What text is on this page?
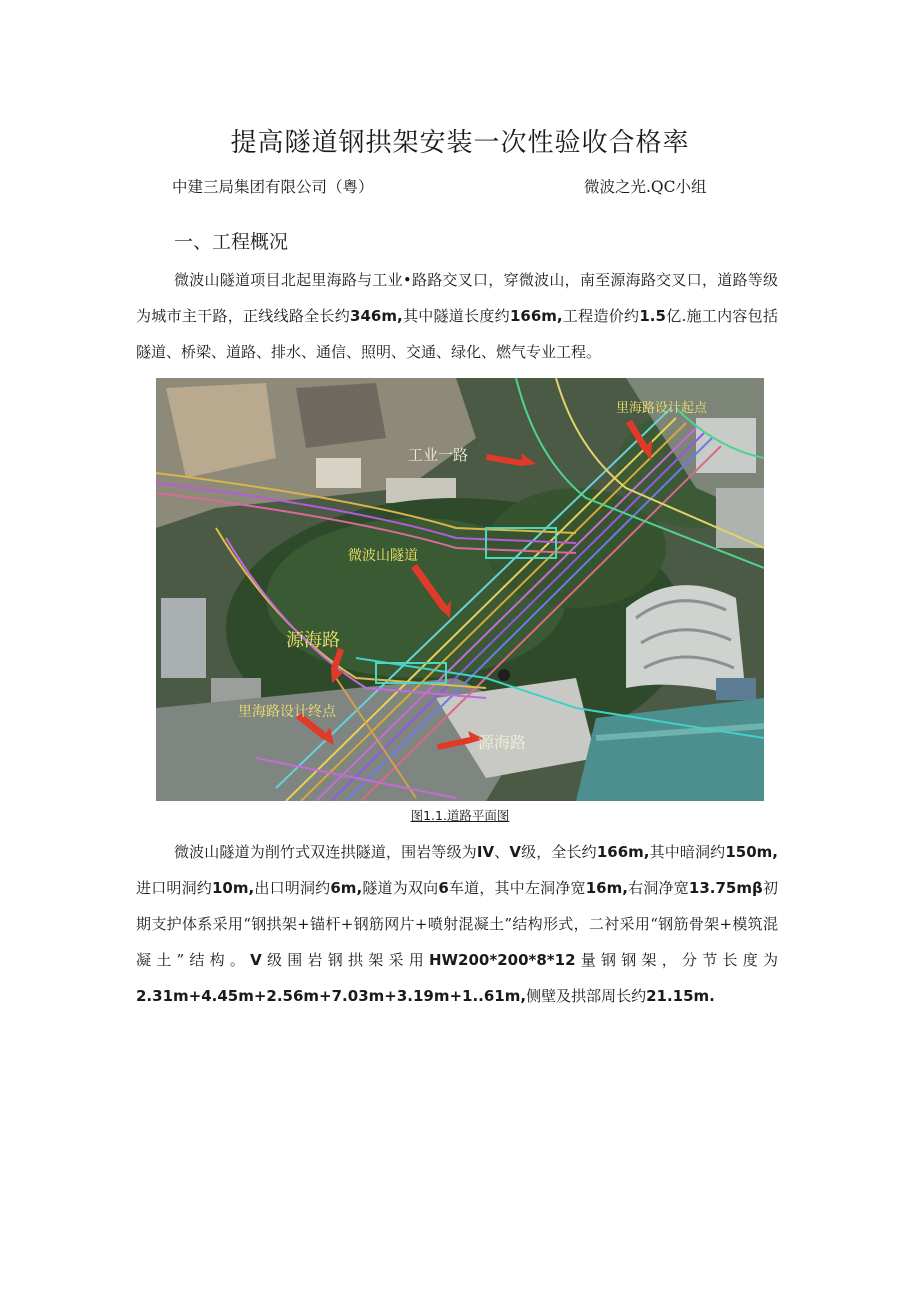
提高隧道钢拱架安装一次性验收合格率
中建三局集团有限公司（粤）	微波之光.QC小组
一、工程概况

微波山隧道项目北起里海路与工业•路路交叉口，穿微波山，南至源海路交叉口，道路等级为城市主干路，正线线路全长约346m,其中隧道长度约166m,工程造价约1.5亿.施工内容包括隧道、桥梁、道路、排水、通信、照明、交通、绿化、燃气专业工程。

里海路设计起点
工业一路
微波山隧道
源海路
里海路设计终点
源海路
图1.1.道路平面图

微波山隧道为削竹式双连拱隧道，围岩等级为IV、V级，全长约166m,其中暗洞约150m,进口明洞约10m,出口明洞约6m,隧道为双向6车道，其中左洞净宽16m,右洞净宽13.75mβ初期支护体系采用“钢拱架+锚杆+钢筋网片+喷射混凝土”结构形式，二衬采用“钢筋骨架+模筑混凝土”结构。V级围岩钢拱架采用HW200*200*8*12量钢钢架，分节长度为2.31m+4.45m+2.56m+7.03m+3.19m+1..61m,侧壁及拱部周长约21.15m.
